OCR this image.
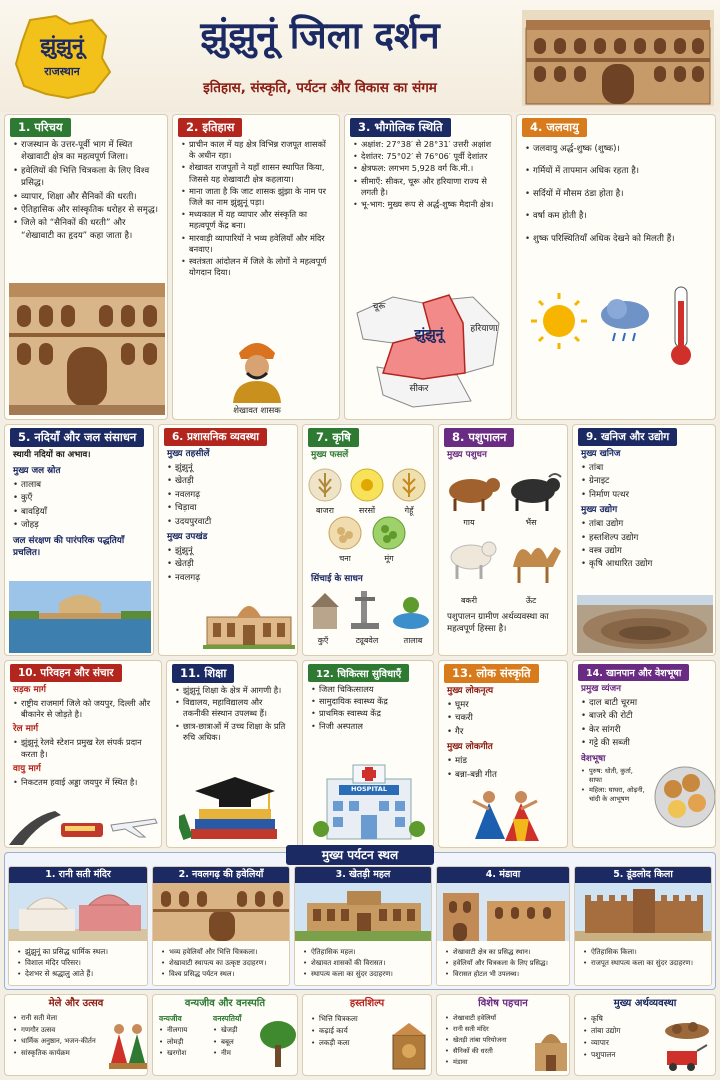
झुंझुनूं
राजस्थान
झुंझुनूं जिला दर्शन
इतिहास, संस्कृति, पर्यटन और विकास का संगम
1. परिचय
• राजस्थान के उत्तर-पूर्वी भाग में स्थित शेखावाटी क्षेत्र का महत्वपूर्ण जिला।
• हवेलियों की भित्ति चित्रकला के लिए विश्व प्रसिद्ध।
• व्यापार, शिक्षा और सैनिकों की धरती।
• ऐतिहासिक और सांस्कृतिक धरोहर से समृद्ध।
• जिले को “सैनिकों की धरती” और “शेखावाटी का हृदय” कहा जाता है।
2. इतिहास
• प्राचीन काल में यह क्षेत्र विभिन्न राजपूत शासकों के अधीन रहा।
• शेखावत राजपूतों ने यहाँ शासन स्थापित किया, जिससे यह शेखावाटी क्षेत्र कहलाया।
• माना जाता है कि जाट शासक झुंझा के नाम पर जिले का नाम झुंझुनूं पड़ा।
• मध्यकाल में यह व्यापार और संस्कृति का महत्वपूर्ण केंद्र बना।
• मारवाड़ी व्यापारियों ने भव्य हवेलियाँ और मंदिर बनवाए।
• स्वतंत्रता आंदोलन में जिले के लोगों ने महत्वपूर्ण योगदान दिया।
शेखावत शासक
3. भौगोलिक स्थिति
• अक्षांश: 27°38′ से 28°31′ उत्तरी अक्षांश
• देशांतर: 75°02′ से 76°06′ पूर्वी देशांतर
• क्षेत्रफल: लगभग 5,928 वर्ग कि.मी.।
• सीमाएँ: सीकर, चूरू और हरियाणा राज्य से लगती है।
• भू-भाग: मुख्य रूप से अर्द्ध-शुष्क मैदानी क्षेत्र।
झुंझुनूं
चूरू
हरियाणा
सीकर
4. जलवायु
• जलवायु अर्द्ध-शुष्क (शुष्क)।
• गर्मियों में तापमान अधिक रहता है।
• सर्दियों में मौसम ठंडा होता है।
• वर्षा कम होती है।
• शुष्क परिस्थितियाँ अधिक देखने को मिलती हैं।
5. नदियाँ और जल संसाधन
स्थायी नदियों का अभाव।
मुख्य जल स्रोत
• तालाब
• कुएँ
• बावड़ियाँ
• जोहड़
जल संरक्षण की पारंपरिक पद्धतियाँ प्रचलित।
6. प्रशासनिक व्यवस्था
मुख्य तहसीलें
• झुंझुनूं
• खेतड़ी
• नवलगढ़
• चिड़ावा
• उदयपुरवाटी
मुख्य उपखंड
• झुंझुनूं
• खेतड़ी
• नवलगढ़
7. कृषि
मुख्य फसलें
बाजरा	सरसों	गेहूँ
चना	मूंग
सिंचाई के साधन
कुएँ	ट्यूबवेल	तालाब
8. पशुपालन
मुख्य पशुधन
गाय	भैंस
बकरी	ऊँट
पशुपालन ग्रामीण अर्थव्यवस्था का महत्वपूर्ण हिस्सा है।
9. खनिज और उद्योग
मुख्य खनिज
• तांबा
• ग्रेनाइट
• निर्माण पत्थर
मुख्य उद्योग
• तांबा उद्योग
• हस्तशिल्प उद्योग
• वस्त्र उद्योग
• कृषि आधारित उद्योग
10. परिवहन और संचार
सड़क मार्ग
• राष्ट्रीय राजमार्ग जिले को जयपुर, दिल्ली और बीकानेर से जोड़ते है।
रेल मार्ग
• झुंझुनूं रेलवे स्टेशन प्रमुख रेल संपर्क प्रदान करता है।
वायु मार्ग
• निकटतम हवाई अड्डा जयपुर में स्थित है।
11. शिक्षा
• झुंझुनूं शिक्षा के क्षेत्र में आगणी है।
• विद्यालय, महाविद्यालय और तकनीकी संस्थान उपलब्ध हैं।
• छात्र-छात्राओं में उच्च शिक्षा के प्रति रुचि अधिक।
12. चिकित्सा सुविधाएँ
• जिला चिकित्सालय
• सामुदायिक स्वास्थ्य केंद्र
• प्राथमिक स्वास्थ्य केंद्र
• निजी अस्पताल
HOSPITAL
13. लोक संस्कृति
मुख्य लोकनृत्य
• घूमर
• चकरी
• गैर
मुख्य लोकगीत
• मांड
• बन्ना-बन्नी गीत
14. खानपान और वेशभूषा
प्रमुख व्यंजन
• दाल बाटी चूरमा
• बाजरे की रोटी
• केर सांगरी
• गट्टे की सब्जी
वेशभूषा
• पुरुष: धोती, कुर्ता, साफा
• महिला: घाघरा, ओढ़नी, चांदी के आभूषण
मुख्य पर्यटन स्थल
1. रानी सती मंदिर
• झुंझुनूं का प्रसिद्ध धार्मिक स्थल।
• विशाल मंदिर परिसर।
• देशभर से श्रद्धालु आते हैं।
2. नवलगढ़ की हवेलियाँ
• भव्य हवेलियाँ और भित्ति चित्रकला।
• शेखावाटी स्थापत्य का उत्कृष्ट उदाहरण।
• विश्व प्रसिद्ध पर्यटन स्थल।
3. खेतड़ी महल
• ऐतिहासिक महल।
• शेखावत शासकों की विरासत।
• स्थापत्य कला का सुंदर उदाहरण।
4. मंडावा
• शेखावाटी क्षेत्र का प्रसिद्ध स्थान।
• हवेलियाँ और चित्रकला के लिए प्रसिद्ध।
• विरासत होटल भी उपलब्ध।
5. डूंडलोद किला
• ऐतिहासिक किला।
• राजपूत स्थापत्य कला का सुंदर उदाहरण।
मेले और उत्सव
• रानी सती मेला
• गणगौर उत्सव
• धार्मिक अनुष्ठान, भजन-कीर्तन
• सांस्कृतिक कार्यक्रम
वन्यजीव और वनस्पति
वन्यजीव
• नीलगाय
• लोमड़ी
• खरगोश
वनस्पतियाँ
• खेजड़ी
• बबूल
• नीम
हस्तशिल्प
• भित्ति चित्रकला
• कढ़ाई कार्य
• लकड़ी कला
विशेष पहचान
• शेखावाटी हवेलियाँ
• रानी सती मंदिर
• खेतड़ी तांबा परियोजना
• सैनिकों की धरती
• मंडावा
मुख्य अर्थव्यवस्था
• कृषि
• तांबा उद्योग
• व्यापार
• पशुपालन
